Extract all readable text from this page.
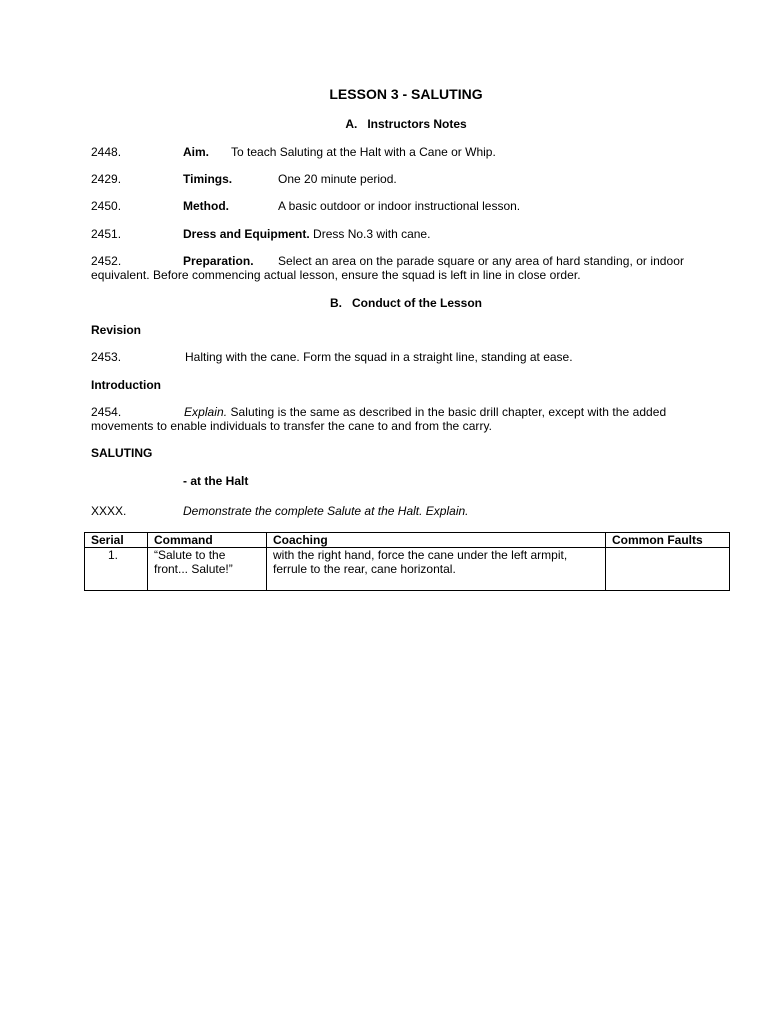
LESSON 3 - SALUTING
A. Instructors Notes
2448.	Aim. To teach Saluting at the Halt with a Cane or Whip.
2429.	Timings.	One 20 minute period.
2450.	Method.	A basic outdoor or indoor instructional lesson.
2451.	Dress and Equipment. Dress No.3 with cane.
2452.	Preparation. Select an area on the parade square or any area of hard standing, or indoor equivalent. Before commencing actual lesson, ensure the squad is left in line in close order.
B. Conduct of the Lesson
Revision
2453.	Halting with the cane. Form the squad in a straight line, standing at ease.
Introduction
2454.	Explain. Saluting is the same as described in the basic drill chapter, except with the added movements to enable individuals to transfer the cane to and from the carry.
SALUTING
- at the Halt
XXXX.	Demonstrate the complete Salute at the Halt. Explain.
Serial	Command	Coaching	Common Faults
1.	“Salute to the front... Salute!”	with the right hand, force the cane under the left armpit, ferrule to the rear, cane horizontal.	
